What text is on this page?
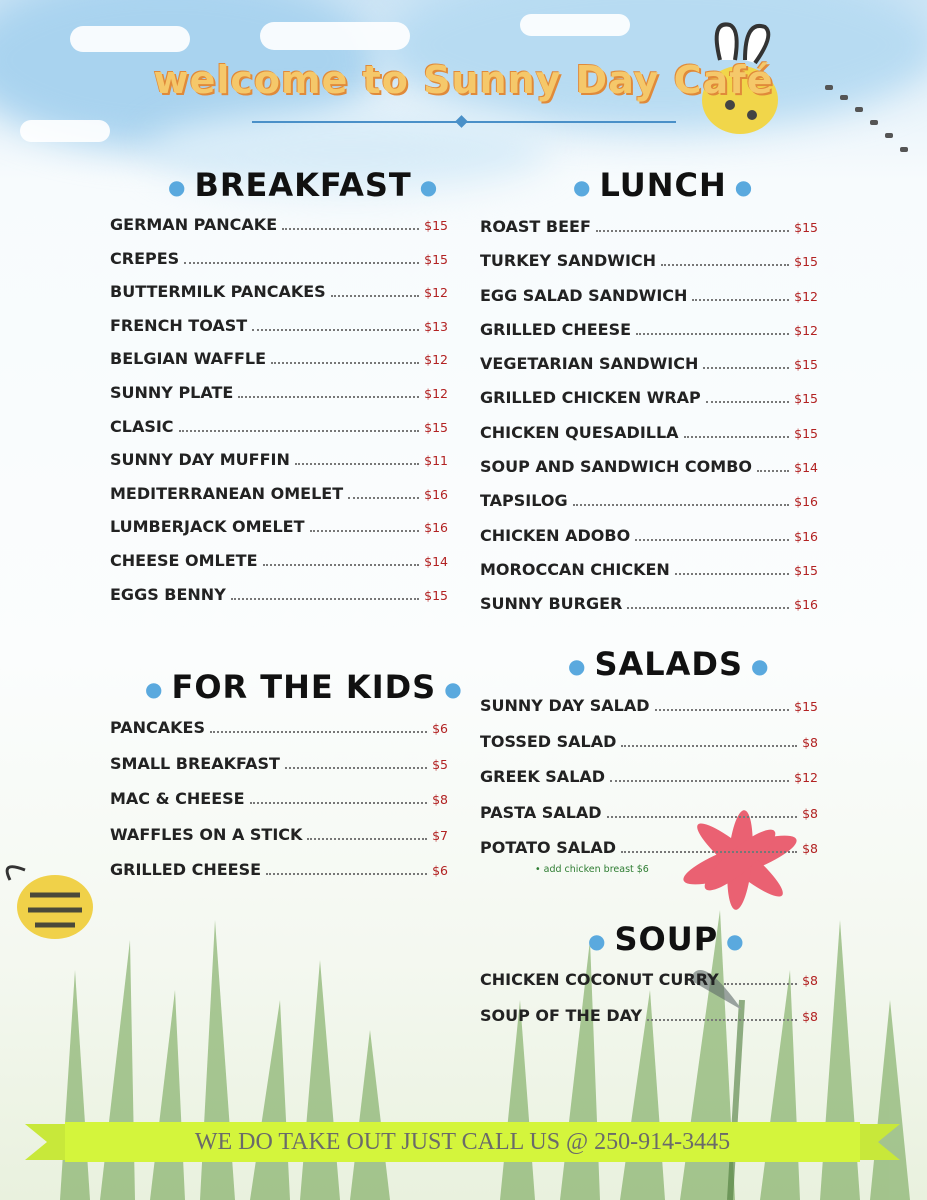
welcome to Sunny Day Café
● BREAKFAST ●
GERMAN PANCAKE	$15
CREPES	$15
BUTTERMILK PANCAKES	$12
FRENCH TOAST	$13
BELGIAN WAFFLE	$12
SUNNY PLATE	$12
CLASIC	$15
SUNNY DAY MUFFIN	$11
MEDITERRANEAN OMELET	$16
LUMBERJACK OMELET	$16
CHEESE OMLETE	$14
EGGS BENNY	$15
● FOR THE KIDS ●
PANCAKES	$6
SMALL BREAKFAST	$5
MAC & CHEESE	$8
WAFFLES ON A STICK	$7
GRILLED CHEESE	$6
● LUNCH ●
ROAST BEEF	$15
TURKEY SANDWICH	$15
EGG SALAD SANDWICH	$12
GRILLED CHEESE	$12
VEGETARIAN SANDWICH	$15
GRILLED CHICKEN WRAP	$15
CHICKEN QUESADILLA	$15
SOUP AND SANDWICH COMBO	$14
TAPSILOG	$16
CHICKEN ADOBO	$16
MOROCCAN CHICKEN	$15
SUNNY BURGER	$16
● SALADS ●
SUNNY DAY SALAD	$15
TOSSED SALAD	$8
GREEK SALAD	$12
PASTA SALAD	$8
POTATO SALAD	$8
• add chicken breast $6
● SOUP ●
CHICKEN COCONUT CURRY	$8
SOUP OF THE DAY	$8
WE DO TAKE OUT JUST CALL US @ 250-914-3445
